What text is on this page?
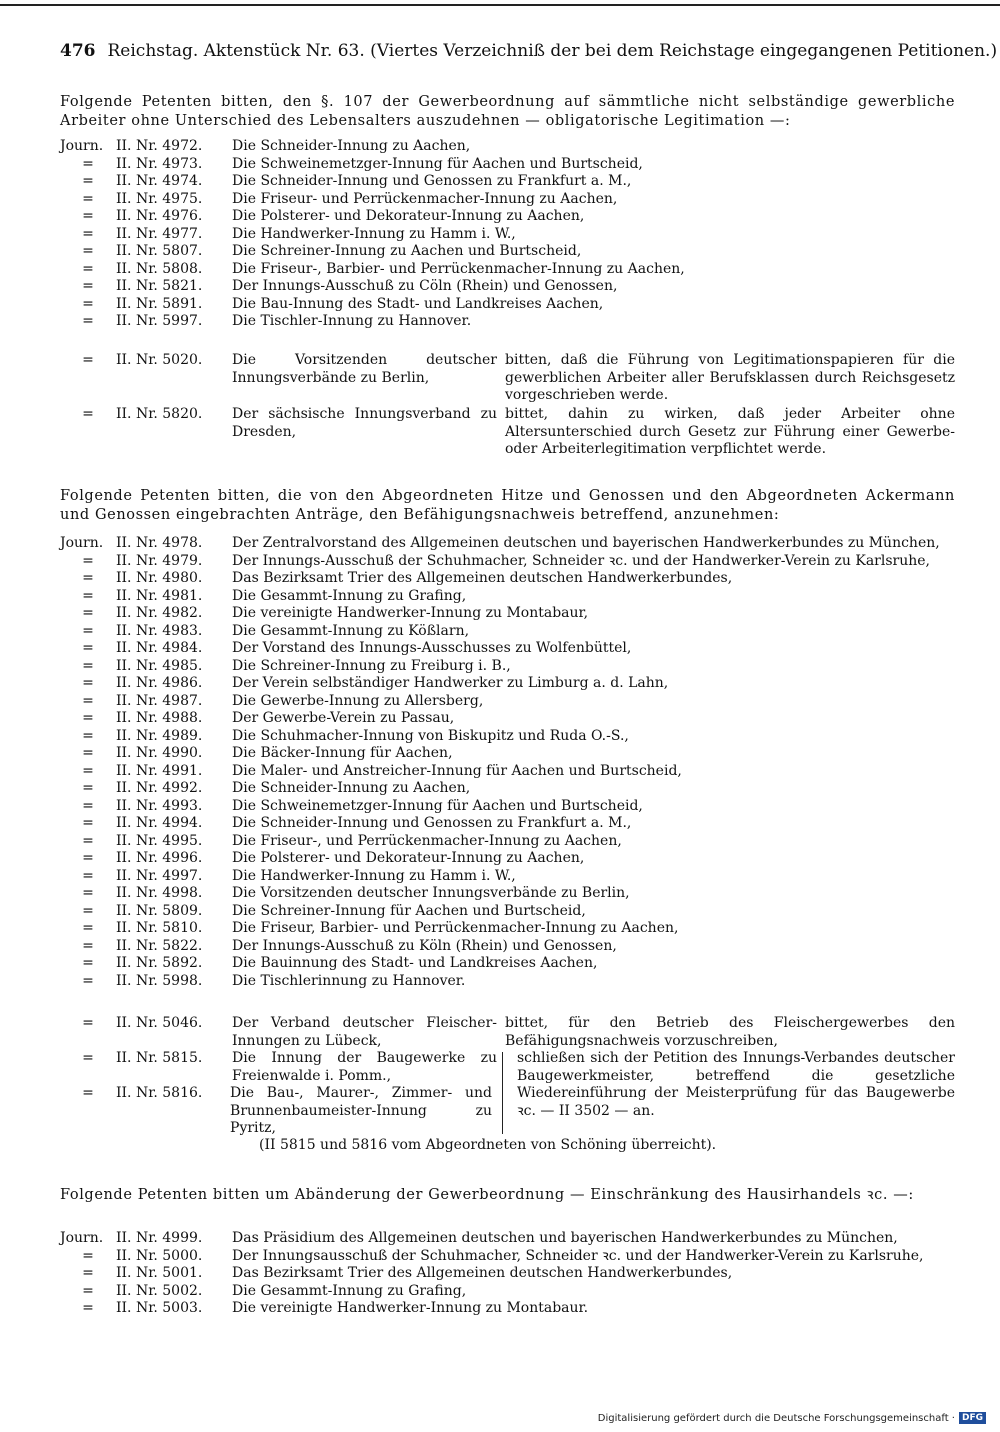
476 Reichstag. Aktenstück Nr. 63. (Viertes Verzeichniß der bei dem Reichstage eingegangenen Petitionen.)
Folgende Petenten bitten, den §. 107 der Gewerbeordnung auf sämmtliche nicht selbständige gewerbliche Arbeiter ohne Unterschied des Lebensalters auszudehnen — obligatorische Legitimation —:
Journ. II. Nr. 4972.	Die Schneider-Innung zu Aachen,
=	II. Nr. 4973.	Die Schweinemetzger-Innung für Aachen und Burtscheid,
=	II. Nr. 4974.	Die Schneider-Innung und Genossen zu Frankfurt a. M.,
=	II. Nr. 4975.	Die Friseur- und Perrückenmacher-Innung zu Aachen,
=	II. Nr. 4976.	Die Polsterer- und Dekorateur-Innung zu Aachen,
=	II. Nr. 4977.	Die Handwerker-Innung zu Hamm i. W.,
=	II. Nr. 5807.	Die Schreiner-Innung zu Aachen und Burtscheid,
=	II. Nr. 5808.	Die Friseur-, Barbier- und Perrückenmacher-Innung zu Aachen,
=	II. Nr. 5821.	Der Innungs-Ausschuß zu Cöln (Rhein) und Genossen,
=	II. Nr. 5891.	Die Bau-Innung des Stadt- und Landkreises Aachen,
=	II. Nr. 5997.	Die Tischler-Innung zu Hannover.
= II. Nr. 5020.	Die Vorsitzenden deutscher Innungsverbände zu Berlin,
bitten, daß die Führung von Legitimationspapieren für die gewerblichen Arbeiter aller Berufsklassen durch Reichsgesetz vorgeschrieben werde.
= II. Nr. 5820.	Der sächsische Innungsverband zu Dresden,
bittet, dahin zu wirken, daß jeder Arbeiter ohne Altersunterschied durch Gesetz zur Führung einer Gewerbe- oder Arbeiterlegitimation verpflichtet werde.
Folgende Petenten bitten, die von den Abgeordneten Hitze und Genossen und den Abgeordneten Ackermann und Genossen eingebrachten Anträge, den Befähigungsnachweis betreffend, anzunehmen:
Journ. II. Nr. 4978.	Der Zentralvorstand des Allgemeinen deutschen und bayerischen Handwerkerbundes zu München,
=	II. Nr. 4979.	Der Innungs-Ausschuß der Schuhmacher, Schneider ꝛc. und der Handwerker-Verein zu Karlsruhe,
=	II. Nr. 4980.	Das Bezirksamt Trier des Allgemeinen deutschen Handwerkerbundes,
=	II. Nr. 4981.	Die Gesammt-Innung zu Grafing,
=	II. Nr. 4982.	Die vereinigte Handwerker-Innung zu Montabaur,
=	II. Nr. 4983.	Die Gesammt-Innung zu Kößlarn,
=	II. Nr. 4984.	Der Vorstand des Innungs-Ausschusses zu Wolfenbüttel,
=	II. Nr. 4985.	Die Schreiner-Innung zu Freiburg i. B.,
=	II. Nr. 4986.	Der Verein selbständiger Handwerker zu Limburg a. d. Lahn,
=	II. Nr. 4987.	Die Gewerbe-Innung zu Allersberg,
=	II. Nr. 4988.	Der Gewerbe-Verein zu Passau,
=	II. Nr. 4989.	Die Schuhmacher-Innung von Biskupitz und Ruda O.-S.,
=	II. Nr. 4990.	Die Bäcker-Innung für Aachen,
=	II. Nr. 4991.	Die Maler- und Anstreicher-Innung für Aachen und Burtscheid,
=	II. Nr. 4992.	Die Schneider-Innung zu Aachen,
=	II. Nr. 4993.	Die Schweinemetzger-Innung für Aachen und Burtscheid,
=	II. Nr. 4994.	Die Schneider-Innung und Genossen zu Frankfurt a. M.,
=	II. Nr. 4995.	Die Friseur-, und Perrückenmacher-Innung zu Aachen,
=	II. Nr. 4996.	Die Polsterer- und Dekorateur-Innung zu Aachen,
=	II. Nr. 4997.	Die Handwerker-Innung zu Hamm i. W.,
=	II. Nr. 4998.	Die Vorsitzenden deutscher Innungsverbände zu Berlin,
=	II. Nr. 5809.	Die Schreiner-Innung für Aachen und Burtscheid,
=	II. Nr. 5810.	Die Friseur, Barbier- und Perrückenmacher-Innung zu Aachen,
=	II. Nr. 5822.	Der Innungs-Ausschuß zu Köln (Rhein) und Genossen,
=	II. Nr. 5892.	Die Bauinnung des Stadt- und Landkreises Aachen,
=	II. Nr. 5998.	Die Tischlerinnung zu Hannover.
= II. Nr. 5046.	Der Verband deutscher Fleischer-Innungen zu Lübeck,
bittet, für den Betrieb des Fleischergewerbes den Befähigungsnachweis vorzuschreiben,
= II. Nr. 5815.	Die Innung der Baugewerke zu Freienwalde i. Pomm.,
schließen sich der Petition des Innungs-Verbandes deutscher Baugewerkmeister, betreffend die gesetzliche Wiedereinführung der Meisterprüfung für das Baugewerbe ꝛc. — II 3502 — an.
= II. Nr. 5816.	Die Bau-, Maurer-, Zimmer- und Brunnenbaumeister-Innung zu Pyritz,
(II 5815 und 5816 vom Abgeordneten von Schöning überreicht).
Folgende Petenten bitten um Abänderung der Gewerbeordnung — Einschränkung des Hausirhandels ꝛc. —:
Journ. II. Nr. 4999.	Das Präsidium des Allgemeinen deutschen und bayerischen Handwerkerbundes zu München,
=	II. Nr. 5000.	Der Innungsausschuß der Schuhmacher, Schneider ꝛc. und der Handwerker-Verein zu Karlsruhe,
=	II. Nr. 5001.	Das Bezirksamt Trier des Allgemeinen deutschen Handwerkerbundes,
=	II. Nr. 5002.	Die Gesammt-Innung zu Grafing,
=	II. Nr. 5003.	Die vereinigte Handwerker-Innung zu Montabaur.
Digitalisierung gefördert durch die Deutsche Forschungsgemeinschaft · DFG
